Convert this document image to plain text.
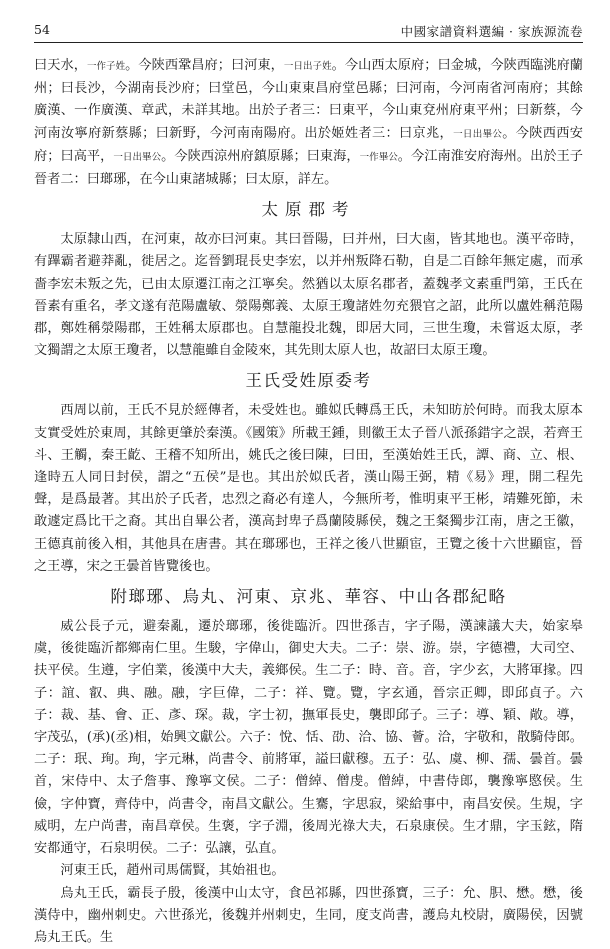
54	中國家譜資料選編 · 家族源流卷

曰天水，一作子姓。今陝西鞏昌府；曰河東，一日出子姓。今山西太原府；曰金城，今陝西臨洮府蘭州；曰長沙，今湖南長沙府；曰堂邑，今山東東昌府堂邑縣；曰河南，今河南省河南府；其餘廣漢、一作廣漢、章武，未詳其地。出於子者三：曰東平，今山東兗州府東平州；曰新蔡，今河南汝寧府新蔡縣；曰新野，今河南南陽府。出於姬姓者三：曰京兆，一日出畢公。今陝西西安府；曰高平，一日出畢公。今陝西涼州府鎮原縣；曰東海，一作畢公。今江南淮安府海州。出於王子晉者二：曰瑯琊，在今山東諸城縣；曰太原，詳左。

太原郡考

太原隸山西，在河東，故亦曰河東。其曰晉陽，曰并州，曰大鹵，皆其地也。漢平帝時，有蹕霸者避莽亂，徙居之。迄晉劉琨長史李宏，以并州叛降石勒，自是二百餘年無定處，而承嗇李宏未叛之先，已由太原遷江南之江寧矣。然猶以太原名郡者，蓋魏孝文素重門第，王氏在晉素有重名，孝文遂有范陽盧敏、滎陽鄭義、太原王瓊諸姓勿充猥官之詔，此所以盧姓稱范陽郡，鄭姓稱滎陽郡，王姓稱太原郡也。自慧龍投北魏，即居大同，三世生瓊，未嘗返太原，孝文獨謂之太原王瓊者，以慧龍雖自金陵來，其先則太原人也，故詔曰太原王瓊。

王氏受姓原委考

西周以前，王氏不見於經傳者，未受姓也。雖姒氏轉爲王氏，未知昉於何時。而我太原本支實受姓於東周，其餘更肇於秦漢。《國策》所載王鍾，則徽王太子晉八派孫錯字之誤，若齊王斗、王觸，秦王齕、王稽不知所出，姚氏之後曰陳，曰田，至漢始姓王氏，譚、商、立、根、逢時五人同日封侯，謂之“五侯”是也。其出於姒氏者，漢山陽王弼，精《易》理，開二程先聲，是爲最著。其出於子氏者，忠烈之裔必有達人，今無所考，惟明東平王彬，靖難死節，未敢遽定爲比干之裔。其出自畢公者，漢高封卑子爲蘭陵縣侯，魏之王粲獨步江南，唐之王徽，王德真前後入相，其他具在唐書。其在瑯琊也，王祥之後八世顯宦，王覽之後十六世顯宦，晉之王導，宋之王曇首皆覽後也。

附瑯琊、烏丸、河東、京兆、華容、中山各郡紀略

威公長子元，避秦亂，遷於瑯琊，後徙臨沂。四世孫吉，字子陽，漢諫議大夫，始家皋虞，後徙臨沂都鄉南仁里。生駿，字偉山，御史大夫。二子：崇、游。崇，字德禮，大司空、扶平侯。生遵，字伯業，後漢中大夫，義鄉侯。生二子：時、音。音，字少玄，大將軍掾。四子：誼、叡、典、融。融，字巨偉，二子：祥、覽。覽，字玄通，晉宗正卿，即邱貞子。六子：裁、基、會、正、彥、琛。裁，字士初，撫軍長史，襲即邱子。三子：導、穎、敞。導，字茂弘，(承)(丞)相，始興文獻公。六子：悅、恬、劭、洽、協、薈。洽，字敬和，散騎侍郎。二子：珉、珣。珣，字元琳，尚書令、前將軍，謚曰獻穆。五子：弘、虞、柳、孺、曇首。曇首，宋侍中、太子詹事、豫寧文侯。二子：僧綽、僧虔。僧綽，中書侍郎，襲豫寧愍侯。生儉，字仲寶，齊侍中，尚書令，南昌文獻公。生騫，字思寂，梁給事中，南昌安侯。生規，字威明，左户尚書，南昌章侯。生褒，字子淵，後周光祿大夫，石泉康侯。生才鼎，字玉鉉，隋安都通守，石泉明侯。二子：弘讓，弘直。

河東王氏，趙州司馬儒賢，其始祖也。

烏丸王氏，霸長子殷，後漢中山太守，食邑祁縣，四世孫寶，三子：允、胑、懋。懋，後漢侍中，幽州刺史。六世孫光，後魏并州刺史，生同，度支尚書，護烏丸校尉，廣陽侯，因號烏丸王氏。生
